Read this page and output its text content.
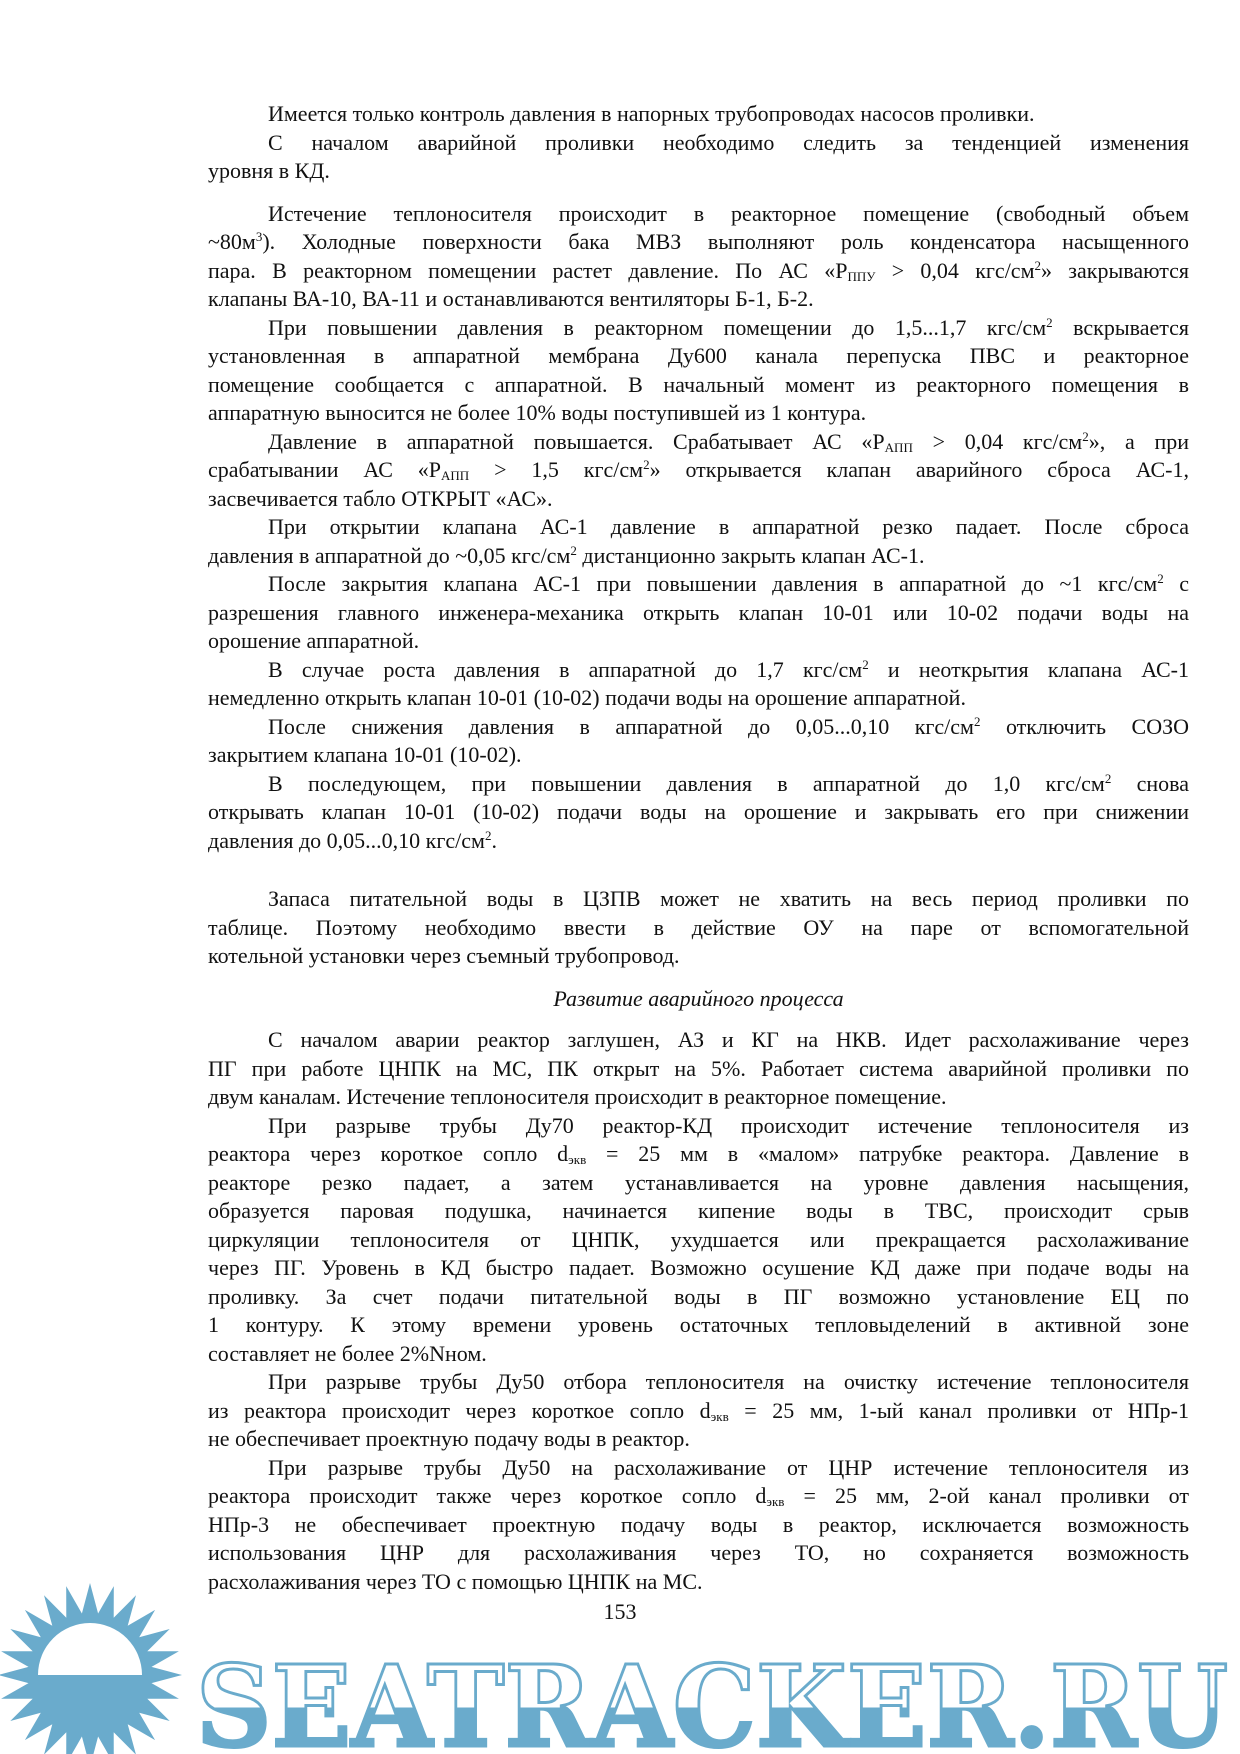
Имеется только контроль давления в напорных трубопроводах насосов проливки.
С началом аварийной проливки необходимо следить за тенденцией изменения
уровня в КД.
Истечение теплоносителя происходит в реакторное помещение (свободный объем
$\sim 80м^3$). Холодные поверхности бака МВЗ выполняют роль конденсатора насыщенного
пара. В реакторном помещении растет давление. По АС «$Р_{ППУ} > 0,04$ кгс/$см^2$» закрываются
клапаны ВА-10, ВА-11 и останавливаются вентиляторы Б-1, Б-2.
При повышении давления в реакторном помещении до 1,5...1,7 кгс/$см^2$ вскрывается
установленная в аппаратной мембрана Ду600 канала перепуска ПВС и реакторное
помещение сообщается с аппаратной. В начальный момент из реакторного помещения в
аппаратную выносится не более 10% воды поступившей из 1 контура.
Давление в аппаратной повышается. Срабатывает АС «$Р_{АПП} > 0,04$ кгс/$см^2$», а при
срабатывании АС «$Р_{АПП} > 1,5$ кгс/$см^2$» открывается клапан аварийного сброса АС-1,
засвечивается табло ОТКРЫТ «АС».
При открытии клапана АС-1 давление в аппаратной резко падает. После сброса
давления в аппаратной до ~0,05 кгс/$см^2$ дистанционно закрыть клапан АС-1.
После закрытия клапана АС-1 при повышении давления в аппаратной до ~1 кгс/$см^2$ с
разрешения главного инженера-механика открыть клапан 10-01 или 10-02 подачи воды на
орошение аппаратной.
В случае роста давления в аппаратной до 1,7 кгс/$см^2$ и неоткрытия клапана АС-1
немедленно открыть клапан 10-01 (10-02) подачи воды на орошение аппаратной.
После снижения давления в аппаратной до 0,05...0,10 кгс/$см^2$ отключить СОЗО
закрытием клапана 10-01 (10-02).
В последующем, при повышении давления в аппаратной до 1,0 кгс/$см^2$ снова
открывать клапан 10-01 (10-02) подачи воды на орошение и закрывать его при снижении
давления до 0,05...0,10 кгс/$см^2$.
Запаса питательной воды в ЦЗПВ может не хватить на весь период проливки по
таблице. Поэтому необходимо ввести в действие ОУ на паре от вспомогательной
котельной установки через съемный трубопровод.
Развитие аварийного процесса
С началом аварии реактор заглушен, АЗ и КГ на НКВ. Идет расхолаживание через
ПГ при работе ЦНПК на МС, ПК открыт на 5%. Работает система аварийной проливки по
двум каналам. Истечение теплоносителя происходит в реакторное помещение.
При разрыве трубы Ду70 реактор-КД происходит истечение теплоносителя из
реактора через короткое сопло $d_{экв} = 25$ мм в «малом» патрубке реактора. Давление в
реакторе резко падает, а затем устанавливается на уровне давления насыщения,
образуется паровая подушка, начинается кипение воды в ТВС, происходит срыв
циркуляции теплоносителя от ЦНПК, ухудшается или прекращается расхолаживание
через ПГ. Уровень в КД быстро падает. Возможно осушение КД даже при подаче воды на
проливку. За счет подачи питательной воды в ПГ возможно установление ЕЦ по
1 контуру. К этому времени уровень остаточных тепловыделений в активной зоне
составляет не более 2%Nном.
При разрыве трубы Ду50 отбора теплоносителя на очистку истечение теплоносителя
из реактора происходит через короткое сопло $d_{экв} = 25$ мм, 1-ый канал проливки от НПр-1
не обеспечивает проектную подачу воды в реактор.
При разрыве трубы Ду50 на расхолаживание от ЦНР истечение теплоносителя из
реактора происходит также через короткое сопло $d_{экв} = 25$ мм, 2-ой канал проливки от
НПр-3 не обеспечивает проектную подачу воды в реактор, исключается возможность
использования ЦНР для расхолаживания через ТО, но сохраняется возможность
расхолаживания через ТО с помощью ЦНПК на МС.
SEATRACKER.RU
153
